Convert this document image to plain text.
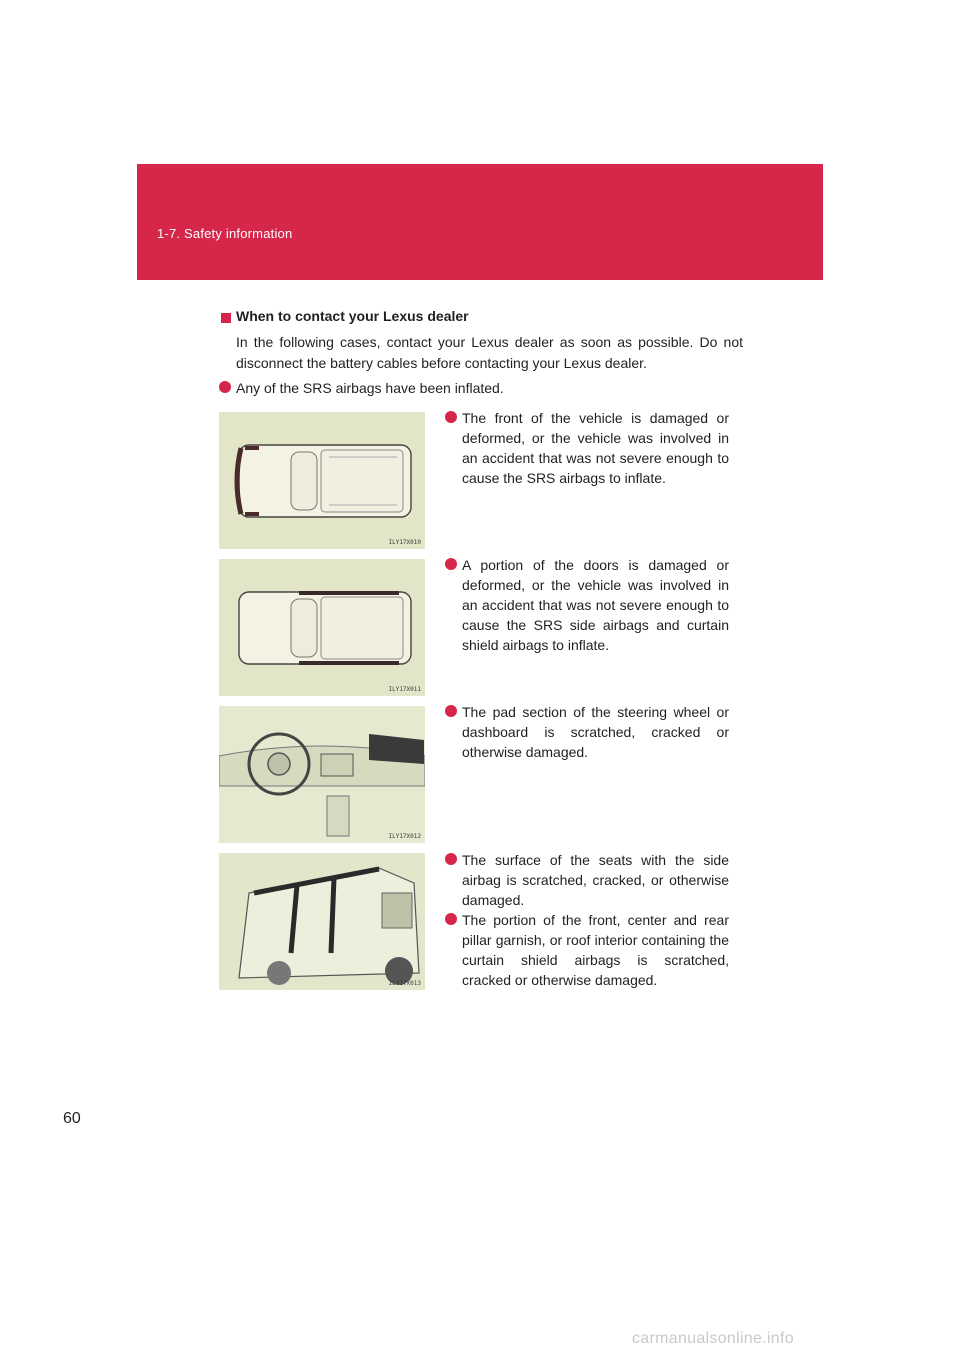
1-7. Safety information
When to contact your Lexus dealer
In the following cases, contact your Lexus dealer as soon as possible. Do not disconnect the battery cables before contacting your Lexus dealer.
Any of the SRS airbags have been inflated.
ILY17X010
The front of the vehicle is damaged or deformed, or the vehicle was involved in an accident that was not severe enough to cause the SRS airbags to inflate.
ILY17X011
A portion of the doors is damaged or deformed, or the vehicle was involved in an accident that was not severe enough to cause the SRS side airbags and curtain shield airbags to inflate.
ILY17X012
The pad section of the steering wheel or dashboard is scratched, cracked or otherwise damaged.
ILY17X013
The surface of the seats with the side airbag is scratched, cracked, or otherwise damaged.
The portion of the front, center and rear pillar garnish, or roof interior containing the curtain shield airbags is scratched, cracked or otherwise damaged.
60
carmanualsonline.info
